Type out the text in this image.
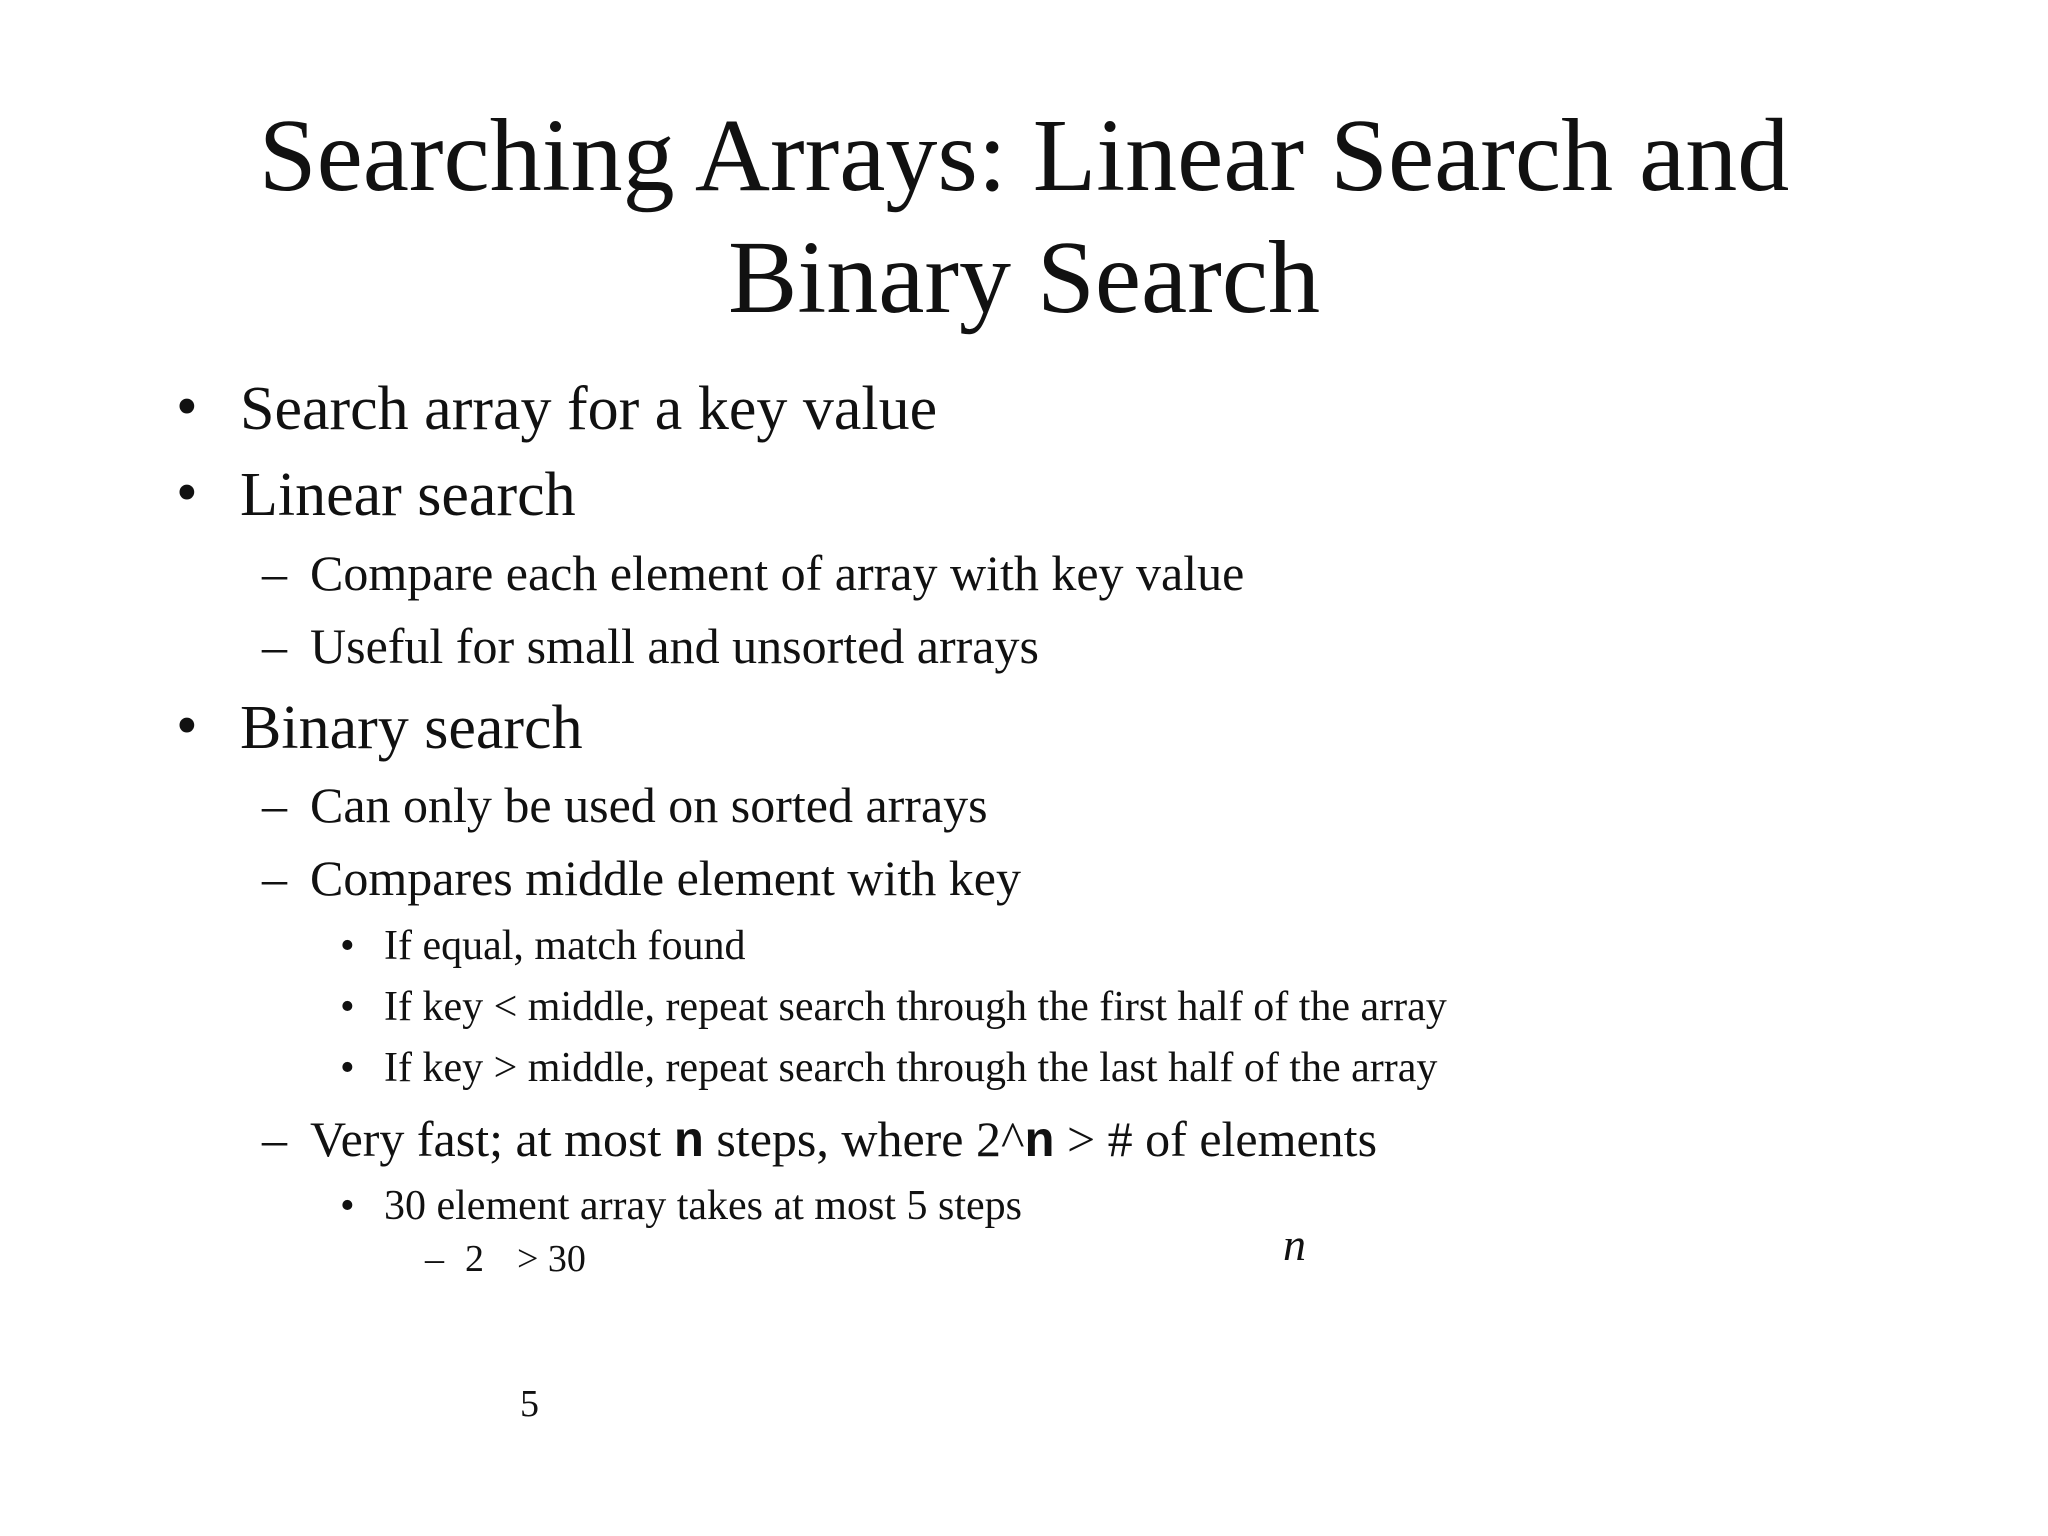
Searching Arrays: Linear Search and
Binary Search
• Search array for a key value
• Linear search
– Compare each element of array with key value
– Useful for small and unsorted arrays
• Binary search
– Can only be used on sorted arrays
– Compares middle element with key
• If equal, match found
• If key < middle, repeat search through the first half of the array
• If key > middle, repeat search through the last half of the array
– Very fast; at most n steps, where 2^n > # of elements
• 30 element array takes at most 5 steps
– 2 > 30	n
5
